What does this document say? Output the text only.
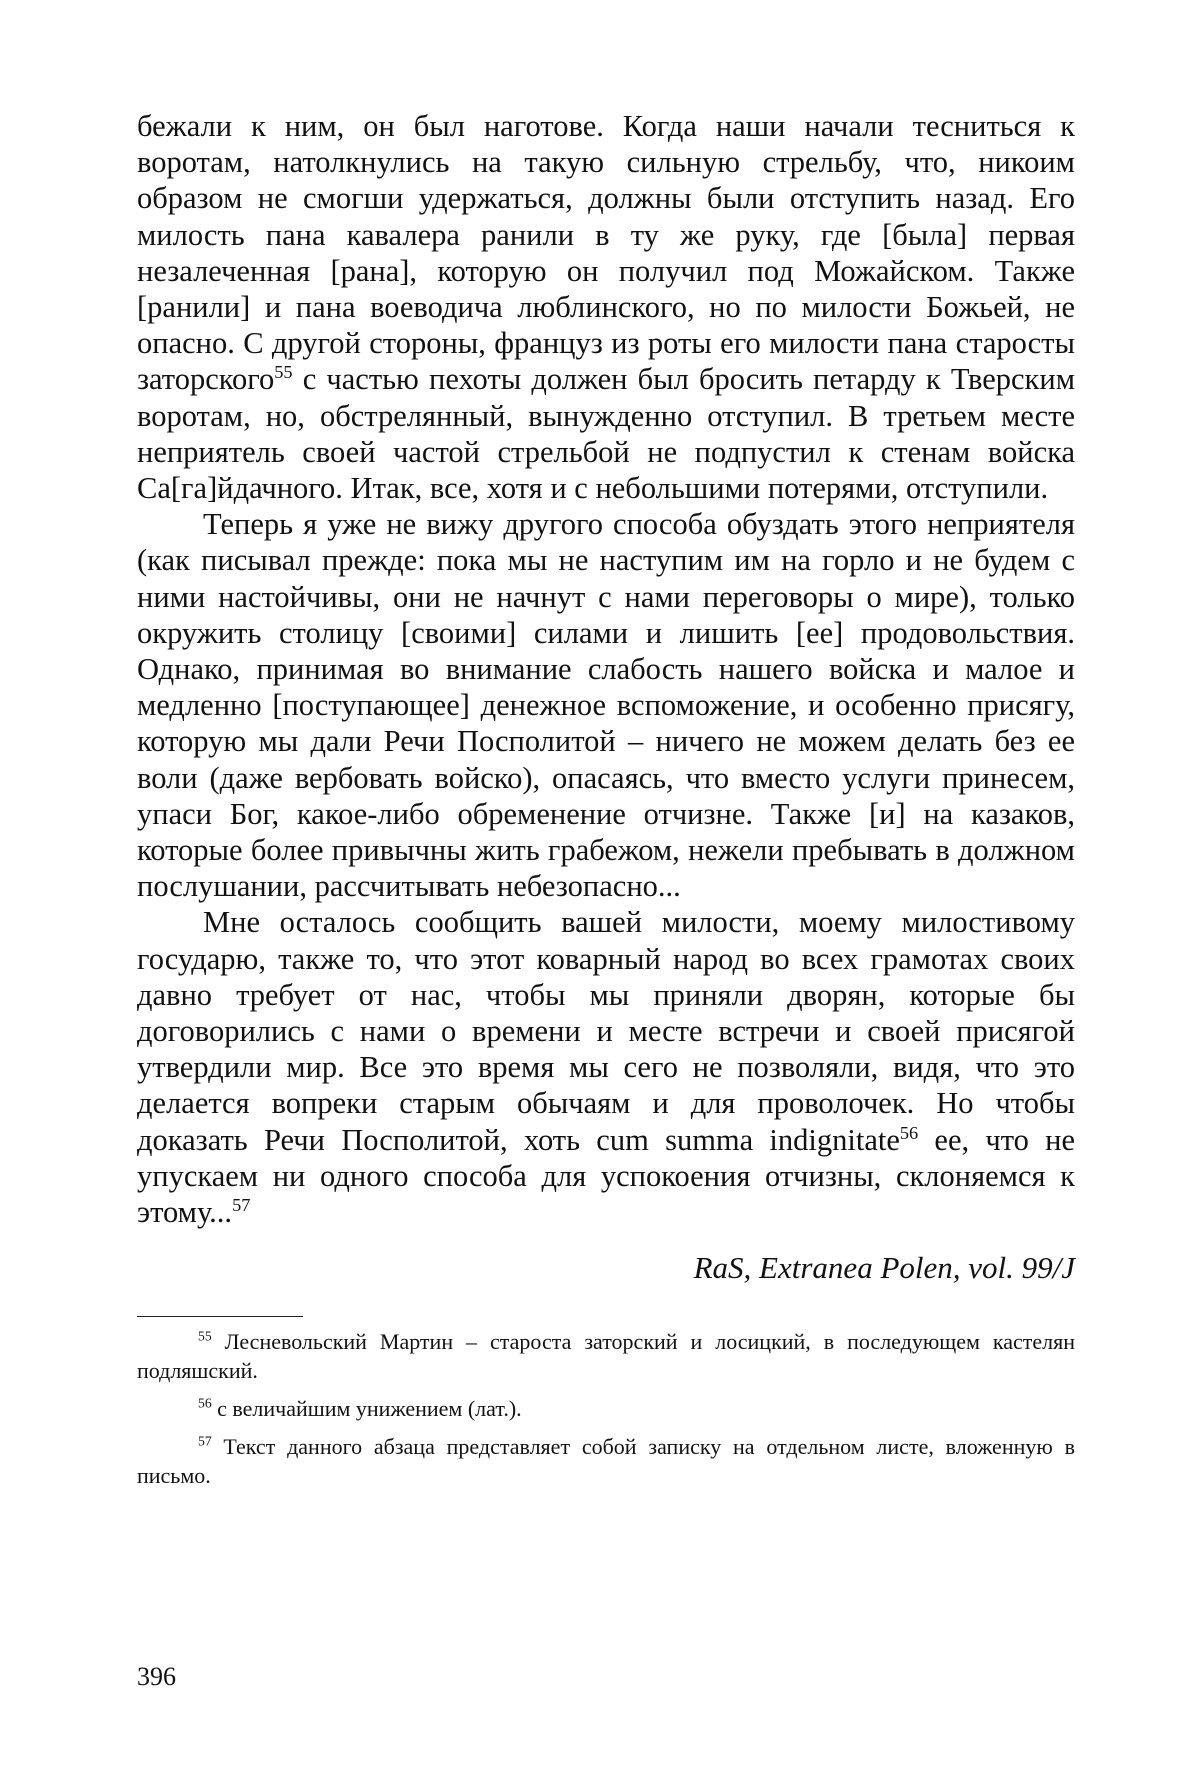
бежали к ним, он был наготове. Когда наши начали тесниться к воротам, натолкнулись на такую сильную стрельбу, что, никоим образом не смогши удержаться, должны были отступить назад. Его милость пана кавалера ранили в ту же руку, где [была] первая незалеченная [рана], которую он получил под Можайском. Также [ранили] и пана воеводича люблинского, но по милости Божьей, не опасно. С другой стороны, француз из роты его милости пана старосты заторского$^{55}$ с частью пехоты должен был бросить петарду к Тверским воротам, но, обстрелянный, вынужденно отступил. В третьем месте неприятель своей частой стрельбой не подпустил к стенам войска Са[га]йдачного. Итак, все, хотя и с небольшими потерями, отступили.

Теперь я уже не вижу другого способа обуздать этого неприятеля (как писывал прежде: пока мы не наступим им на горло и не будем с ними настойчивы, они не начнут с нами переговоры о мире), только окружить столицу [своими] силами и лишить [ее] продовольствия. Однако, принимая во внимание слабость нашего войска и малое и медленно [поступающее] денежное вспоможение, и особенно присягу, которую мы дали Речи Посполитой – ничего не можем делать без ее воли (даже вербовать войско), опасаясь, что вместо услуги принесем, упаси Бог, какое-либо обременение отчизне. Также [и] на казаков, которые более привычны жить грабежом, нежели пребывать в должном послушании, рассчитывать небезопасно...

Мне осталось сообщить вашей милости, моему милостивому государю, также то, что этот коварный народ во всех грамотах своих давно требует от нас, чтобы мы приняли дворян, которые бы договорились с нами о времени и месте встречи и своей присягой утвердили мир. Все это время мы сего не позволяли, видя, что это делается вопреки старым обычаям и для проволочек. Но чтобы доказать Речи Посполитой, хоть cum summa indignitate$^{56}$ ее, что не упускаем ни одного способа для успокоения отчизны, склоняемся к этому...$^{57}$

RaS, Extranea Polen, vol. 99/J

$^{55}$ Лесневольский Мартин – староста заторский и лосицкий, в последующем кастелян подляшский.

$^{56}$ с величайшим унижением (лат.).

$^{57}$ Текст данного абзаца представляет собой записку на отдельном листе, вложенную в письмо.

396
